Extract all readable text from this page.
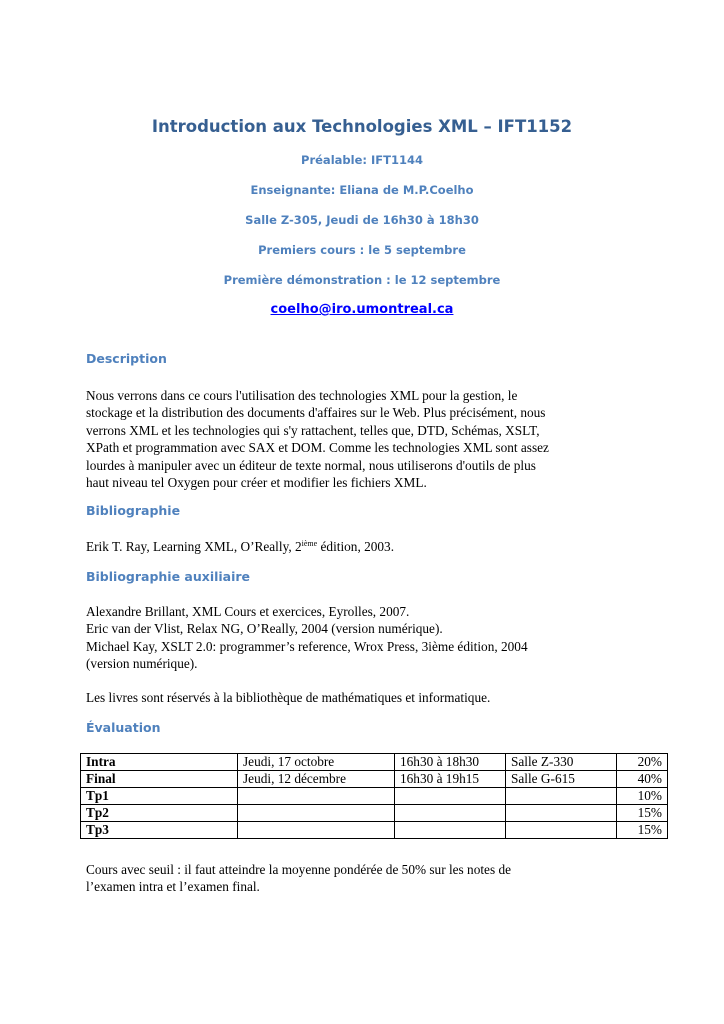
Introduction aux Technologies XML – IFT1152
Préalable: IFT1144
Enseignante: Eliana de M.P.Coelho
Salle Z-305, Jeudi de 16h30 à 18h30
Premiers cours : le 5 septembre
Première démonstration : le 12 septembre
coelho@iro.umontreal.ca
Description
Nous verrons dans ce cours l'utilisation des technologies XML pour la gestion, le
stockage et la distribution des documents d'affaires sur le Web. Plus précisément, nous
verrons XML et les technologies qui s'y rattachent, telles que, DTD, Schémas, XSLT,
XPath et programmation avec SAX et DOM. Comme les technologies XML sont assez
lourdes à manipuler avec un éditeur de texte normal, nous utiliserons d'outils de plus
haut niveau tel Oxygen pour créer et modifier les fichiers XML.
Bibliographie
Erik T. Ray, Learning XML, O’Really, 2ième édition, 2003.
Bibliographie auxiliaire
Alexandre Brillant, XML Cours et exercices, Eyrolles, 2007.
Eric van der Vlist, Relax NG, O’Really, 2004 (version numérique).
Michael Kay, XSLT 2.0: programmer’s reference, Wrox Press, 3ième édition, 2004
(version numérique).
Les livres sont réservés à la bibliothèque de mathématiques et informatique.
Évaluation
Intra	Jeudi, 17 octobre	16h30 à 18h30	Salle Z-330	20%
Final	Jeudi, 12 décembre	16h30 à 19h15	Salle G-615	40%
Tp1				10%
Tp2				15%
Tp3				15%
Cours avec seuil : il faut atteindre la moyenne pondérée de 50% sur les notes de
l’examen intra et l’examen final.
